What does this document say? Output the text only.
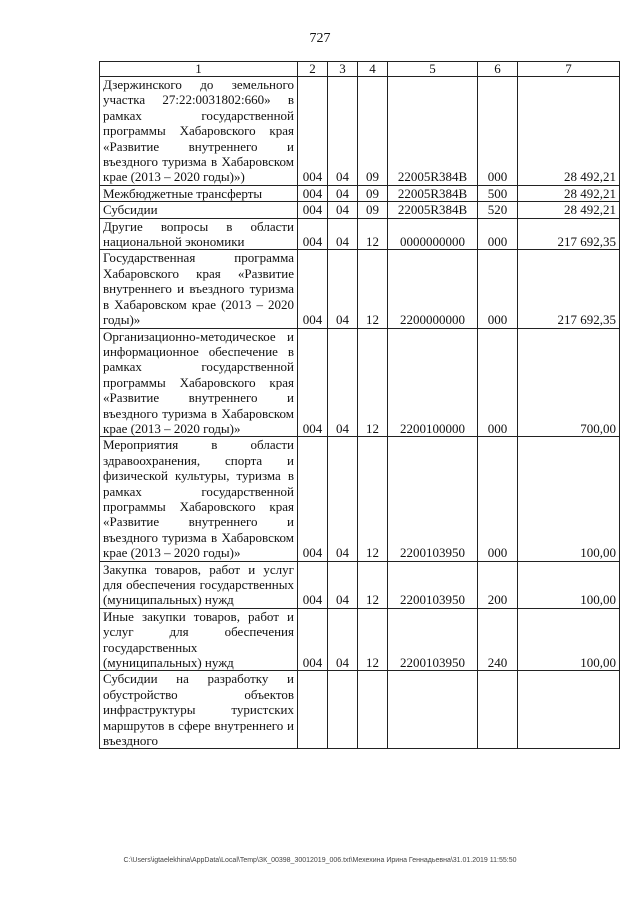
727
1	2	3	4	5	6	7
Дзержинского до земельного участка 27:22:0031802:660» в рамках государственной программы Хабаровского края «Развитие внутреннего и въездного туризма в Хабаровском крае (2013 – 2020 годы)»)	004	04	09	22005R384B	000	28 492,21
Межбюджетные трансферты	004	04	09	22005R384B	500	28 492,21
Субсидии	004	04	09	22005R384B	520	28 492,21
Другие вопросы в области национальной экономики	004	04	12	0000000000	000	217 692,35
Государственная программа Хабаровского края «Развитие внутреннего и въездного туризма в Хабаровском крае (2013 – 2020 годы)»	004	04	12	2200000000	000	217 692,35
Организационно-методическое и информационное обеспечение в рамках государственной программы Хабаровского края «Развитие внутреннего и въездного туризма в Хабаровском крае (2013 – 2020 годы)»	004	04	12	2200100000	000	700,00
Мероприятия в области здравоохранения, спорта и физической культуры, туризма в рамках государственной программы Хабаровского края «Развитие внутреннего и въездного туризма в Хабаровском крае (2013 – 2020 годы)»	004	04	12	2200103950	000	100,00
Закупка товаров, работ и услуг для обеспечения государственных (муниципальных) нужд	004	04	12	2200103950	200	100,00
Иные закупки товаров, работ и услуг для обеспечения государственных (муниципальных) нужд	004	04	12	2200103950	240	100,00
Субсидии на разработку и обустройство объектов инфраструктуры туристских маршрутов в сфере внутреннего и въездного						
C:\Users\igtaelekhina\AppData\Local\Temp\ЗК_00398_30012019_006.txt\Мехехина Ирина Геннадьевна\31.01.2019 11:55:50
